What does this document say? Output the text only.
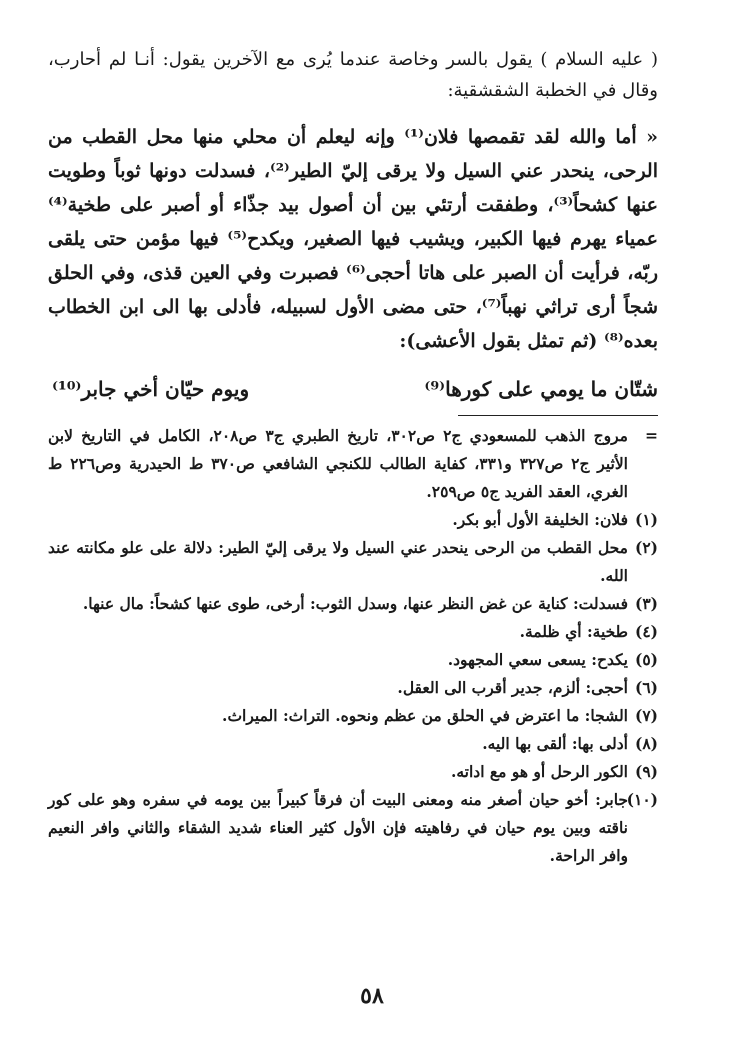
( عليه السلام ) يقول بالسر وخاصة عندما يُرى مع الآخرين يقول: أنـا لم أحارب، وقال في الخطبة الشقشقية:

« أما والله لقد تقمصها فلان⁽¹⁾ وإنه ليعلم أن محلي منها محل القطب من الرحى، ينحدر عني السيل ولا يرقى إليّ الطير⁽²⁾، فسدلت دونها ثوباً وطويت عنها كشحاً⁽³⁾، وطفقت أرتئي بين أن أصول بيد جذّاء أو أصبر على طخية⁽⁴⁾ عمياء يهرم فيها الكبير، ويشيب فيها الصغير، ويكدح⁽⁵⁾ فيها مؤمن حتى يلقى ربّه، فرأيت أن الصبر على هاتا أحجى⁽⁶⁾ فصبرت وفي العين قذى، وفي الحلق شجاً أرى تراثي نهباً⁽⁷⁾، حتى مضى الأول لسبيله، فأدلى بها الى ابن الخطاب بعده⁽⁸⁾ (ثم تمثل بقول الأعشى):

شتّان ما يومي على كورها⁽⁹⁾
ويوم حيّان أخي جابر⁽¹⁰⁾
=
مروج الذهب للمسعودي ج٢ ص٣٠٢، تاريخ الطبري ج٣ ص٢٠٨، الكامل في التاريخ لابن الأثير ج٢ ص٣٢٧ و٣٣١، كفاية الطالب للكنجي الشافعي ص٣٧٠ ط الحيدرية وص٢٢٦ ط الغري، العقد الفريد ج٥ ص٢٥٩.
(١)
فلان: الخليفة الأول أبو بكر.
(٢)
محل القطب من الرحى ينحدر عني السيل ولا يرقى إليّ الطير: دلالة على علو مكانته عند الله.
(٣)
فسدلت: كناية عن غض النظر عنها، وسدل الثوب: أرخى، طوى عنها كشحاً: مال عنها.
(٤)
طخية: أي ظلمة.
(٥)
يكدح: يسعى سعي المجهود.
(٦)
أحجى: ألزم، جدير أقرب الى العقل.
(٧)
الشجا: ما اعترض في الحلق من عظم ونحوه. التراث: الميراث.
(٨)
أدلى بها: ألقى بها اليه.
(٩)
الكور الرحل أو هو مع اداته.
(١٠)
جابر: أخو حيان أصغر منه ومعنى البيت أن فرقاً كبيراً بين يومه في سفره وهو على كور ناقته وبين يوم حيان في رفاهيته فإن الأول كثير العناء شديد الشقاء والثاني وافر النعيم وافر الراحة.
٥٨
